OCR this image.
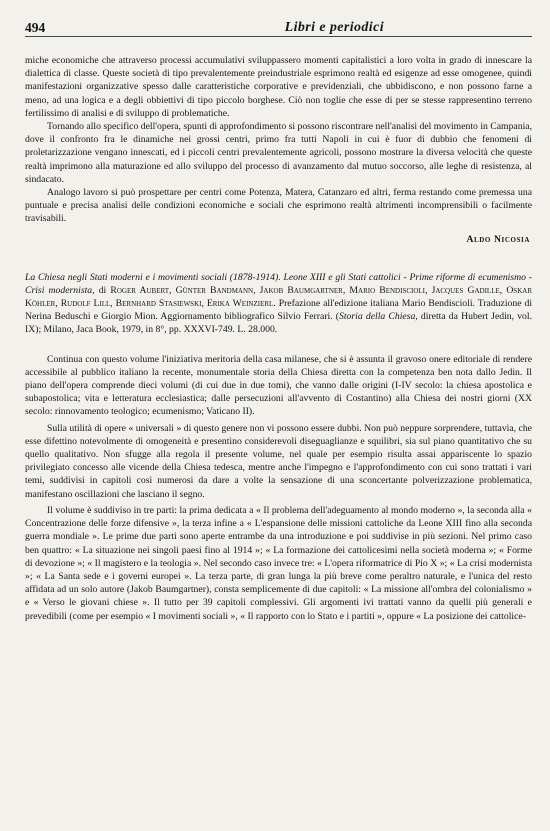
494	Libri e periodici

miche economiche che attraverso processi accumulativi sviluppassero momenti capitalistici a loro volta in grado di innescare la dialettica di classe. Queste società di tipo prevalentemente preindustriale esprimono realtà ed esigenze ad esse omogenee, quindi manifestazioni organizzative spesso dalle caratteristiche corporative e previdenziali, che ubbidiscono, e non possono farne a meno, ad una logica e a degli obbiettivi di tipo piccolo borghese. Ciò non toglie che esse di per se stesse rappresentino terreno fertilissimo di analisi e di sviluppo di problematiche.

Tornando allo specifico dell'opera, spunti di approfondimento si possono riscontrare nell'analisi del movimento in Campania, dove il confronto fra le dinamiche nei grossi centri, primo fra tutti Napoli in cui è fuor di dubbio che fenomeni di proletarizzazione vengano innescati, ed i piccoli centri prevalentemente agricoli, possono mostrare la diversa velocità che queste realtà imprimono alla maturazione ed allo sviluppo del processo di avanzamento dal mutuo soccorso, alle leghe di resistenza, al sindacato.

Analogo lavoro si può prospettare per centri come Potenza, Matera, Catanzaro ed altri, ferma restando come premessa una puntuale e precisa analisi delle condizioni economiche e sociali che esprimono realtà altrimenti incomprensibili o facilmente travisabili.

Aldo Nicosia
La Chiesa negli Stati moderni e i movimenti sociali (1878-1914). Leone XIII e gli Stati cattolici - Prime riforme di ecumenismo - Crisi modernista, di Roger Aubert, Günter Bandmann, Jakob Baumgartner, Mario Bendiscioli, Jacques Gadille, Oskar Köhler, Rudolf Lill, Bernhard Stasiewski, Erika Weinzierl. Prefazione all'edizione italiana Mario Bendiscioli. Traduzione di Nerina Beduschi e Giorgio Mion. Aggiornamento bibliografico Silvio Ferrari. (Storia della Chiesa, diretta da Hubert Jedin, vol. IX); Milano, Jaca Book, 1979, in 8°, pp. XXXVI-749. L. 28.000.

Continua con questo volume l'iniziativa meritoria della casa milanese, che si è assunta il gravoso onere editoriale di rendere accessibile al pubblico italiano la recente, monumentale storia della Chiesa diretta con la competenza ben nota dallo Jedin. Il piano dell'opera comprende dieci volumi (di cui due in due tomi), che vanno dalle origini (I-IV secolo: la chiesa apostolica e subapostolica; vita e letteratura ecclesiastica; dalle persecuzioni all'avvento di Costantino) alla Chiesa dei nostri giorni (XX secolo: rinnovamento teologico; ecumenismo; Vaticano II).

Sulla utilità di opere « universali » di questo genere non vi possono essere dubbi. Non può neppure sorprendere, tuttavia, che esse difettino notevolmente di omogeneità e presentino considerevoli diseguaglianze e squilibri, sia sul piano quantitativo che su quello qualitativo. Non sfugge alla regola il presente volume, nel quale per esempio risulta assai appariscente lo spazio privilegiato concesso alle vicende della Chiesa tedesca, mentre anche l'impegno e l'approfondimento con cui sono trattati i vari temi, suddivisi in capitoli così numerosi da dare a volte la sensazione di una sconcertante polverizzazione problematica, manifestano oscillazioni che lasciano il segno.

Il volume è suddiviso in tre parti: la prima dedicata a « Il problema dell'adeguamento al mondo moderno », la seconda alla « Concentrazione delle forze difensive », la terza infine a « L'espansione delle missioni cattoliche da Leone XIII fino alla seconda guerra mondiale ». Le prime due parti sono aperte entrambe da una introduzione e poi suddivise in più sezioni. Nel primo caso ben quattro: « La situazione nei singoli paesi fino al 1914 »; « La formazione dei cattolicesimi nella società moderna »; « Forme di devozione »; « Il magistero e la teologia ». Nel secondo caso invece tre: « L'opera riformatrice di Pio X »; « La crisi modernista »; « La Santa sede e i governi europei ». La terza parte, di gran lunga la più breve come peraltro naturale, e l'unica del resto affidata ad un solo autore (Jakob Baumgartner), consta semplicemente di due capitoli: « La missione all'ombra del colonialismo » e « Verso le giovani chiese ». Il tutto per 39 capitoli complessivi. Gli argomenti ivi trattati vanno da quelli più generali e prevedibili (come per esempio « I movimenti sociali », « Il rapporto con lo Stato e i partiti », oppure « La posizione dei cattolice-
